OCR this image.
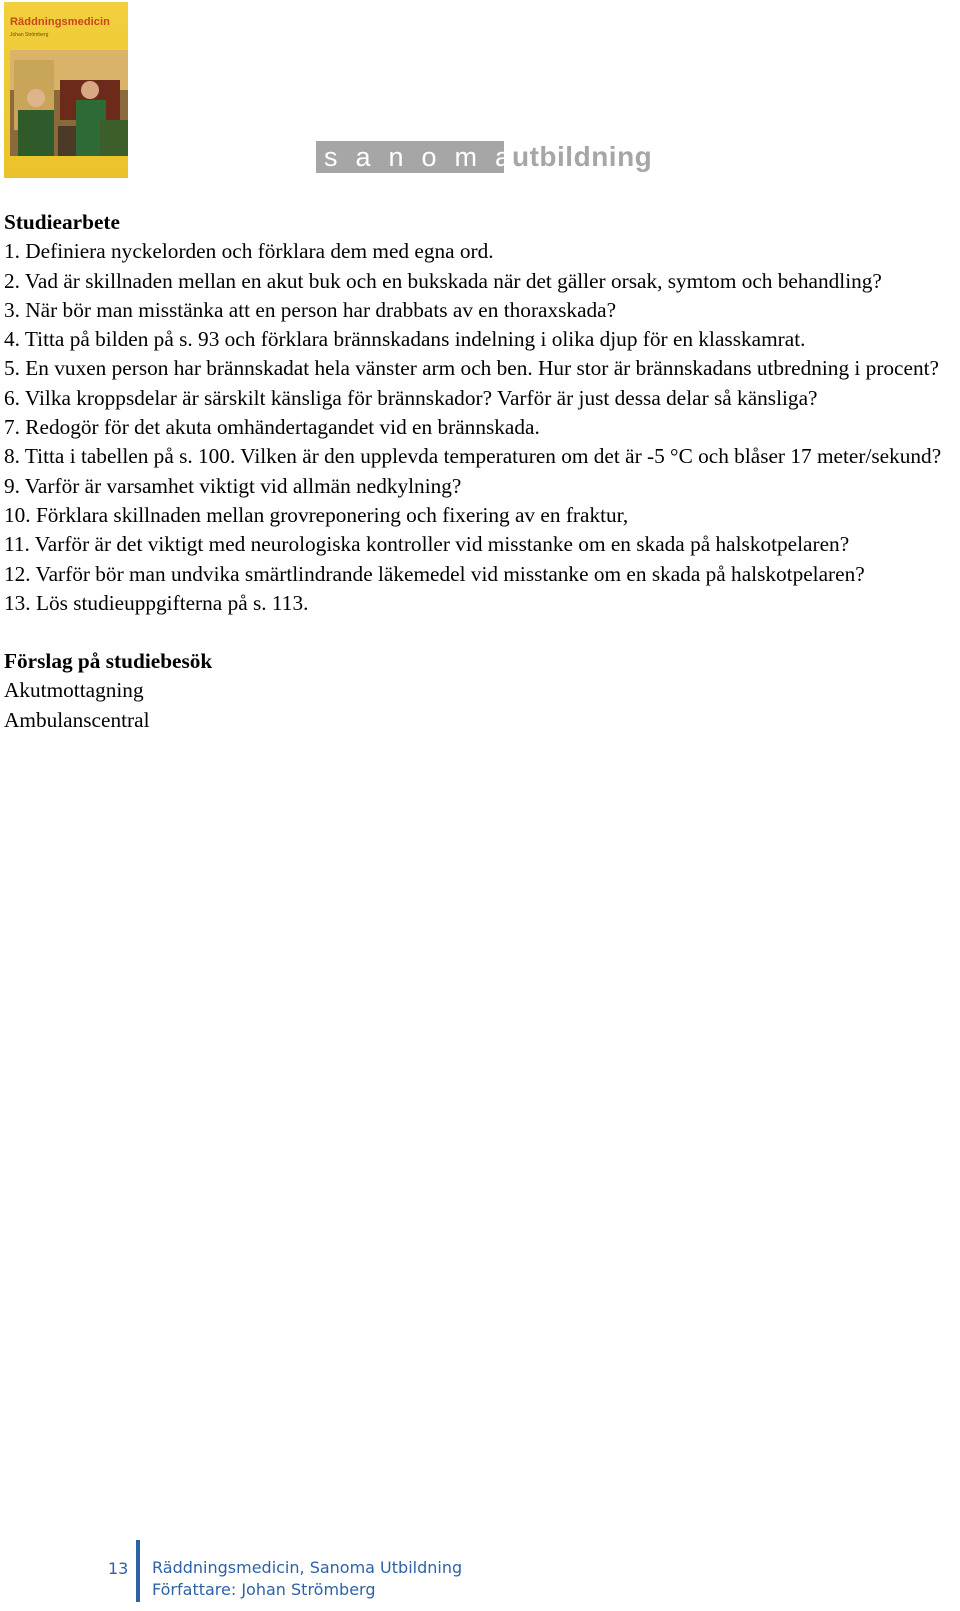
Räddningsmedicin
Johan Strömberg
sanoma
utbildning

Studiearbete

1. Definiera nyckelorden och förklara dem med egna ord.

2. Vad är skillnaden mellan en akut buk och en bukskada när det gäller orsak, symtom och behandling?

3. När bör man misstänka att en person har drabbats av en thoraxskada?

4. Titta på bilden på s. 93 och förklara brännskadans indelning i olika djup för en klasskamrat.

5. En vuxen person har brännskadat hela vänster arm och ben. Hur stor är brännskadans utbredning i procent?

6. Vilka kroppsdelar är särskilt känsliga för brännskador? Varför är just dessa delar så känsliga?

7. Redogör för det akuta omhändertagandet vid en brännskada.

8. Titta i tabellen på s. 100. Vilken är den upplevda temperaturen om det är -5 °C och blåser 17 meter/sekund?

9. Varför är varsamhet viktigt vid allmän nedkylning?

10. Förklara skillnaden mellan grovreponering och fixering av en fraktur,

11. Varför är det viktigt med neurologiska kontroller vid misstanke om en skada på halskotpelaren?

12. Varför bör man undvika smärtlindrande läkemedel vid misstanke om en skada på halskotpelaren?

13. Lös studieuppgifterna på s. 113.

Förslag på studiebesök

Akutmottagning

Ambulanscentral

13 Räddningsmedicin, Sanoma Utbildning
Författare: Johan Strömberg
